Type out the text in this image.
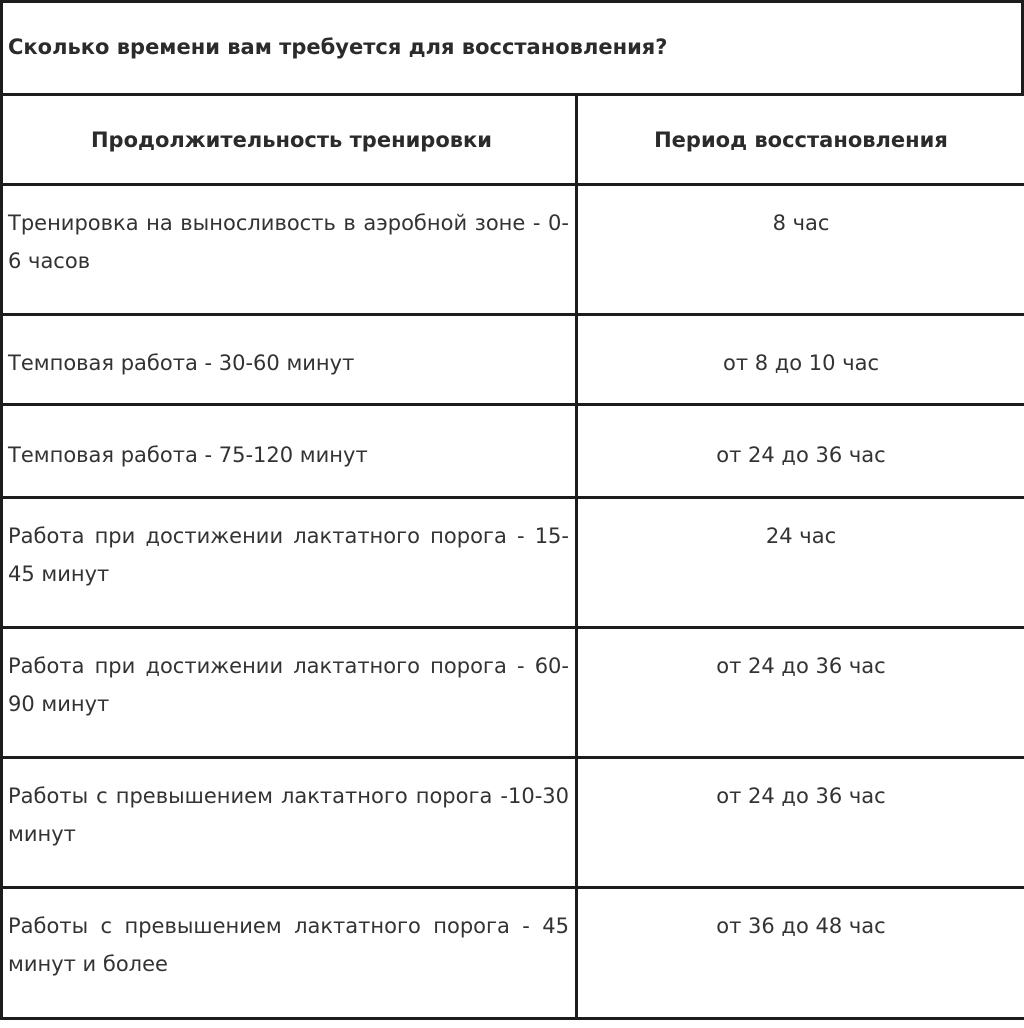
Сколько времени вам требуется для восстановления?
Продолжительность тренировки	Период восстановления

Тренировка на выносливость в аэробной зоне - 0-6 часов	8 час

Темповая работа - 30-60 минут	от 8 до 10 час

Темповая работа - 75-120 минут	от 24 до 36 час

Работа при достижении лактатного порога - 15-45 минут	24 час

Работа при достижении лактатного порога - 60-90 минут	от 24 до 36 час

Работы с превышением лактатного порога -10-30 минут	от 24 до 36 час

Работы с превышением лактатного порога - 45 минут и более	от 36 до 48 час
